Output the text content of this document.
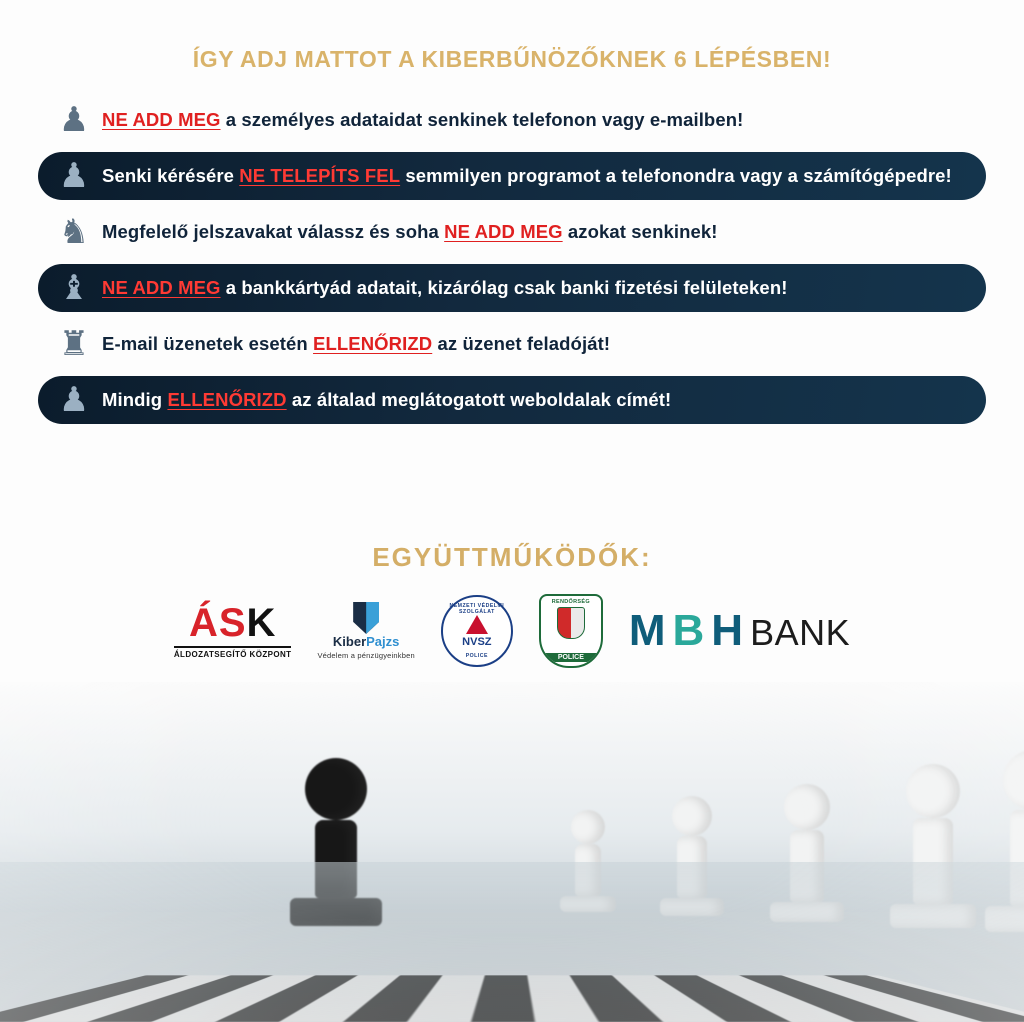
ÍGY ADJ MATTOT A KIBERBŰNÖZŐKNEK 6 LÉPÉSBEN!
♟ NE ADD MEG a személyes adataidat senkinek telefonon vagy e-mailben!
♟ Senki kérésére NE TELEPÍTS FEL semmilyen programot a telefonondra vagy a számítógépedre!
♞ Megfelelő jelszavakat válassz és soha NE ADD MEG azokat senkinek!
♝ NE ADD MEG a bankkártyád adatait, kizárólag csak banki fizetési felületeken!
♜ E-mail üzenetek esetén ELLENŐRIZD az üzenet feladóját!
♟ Mindig ELLENŐRIZD az általad meglátogatott weboldalak címét!
EGYÜTTMŰKÖDŐK:
ÁSK
ÁLDOZATSEGÍTŐ KÖZPONT
KiberPajzs
Védelem a pénzügyeinkben
NEMZETI VÉDELMI SZOLGÁLAT
NVSZ
POLICE
RENDŐRSÉG
POLICE
M B H BANK
